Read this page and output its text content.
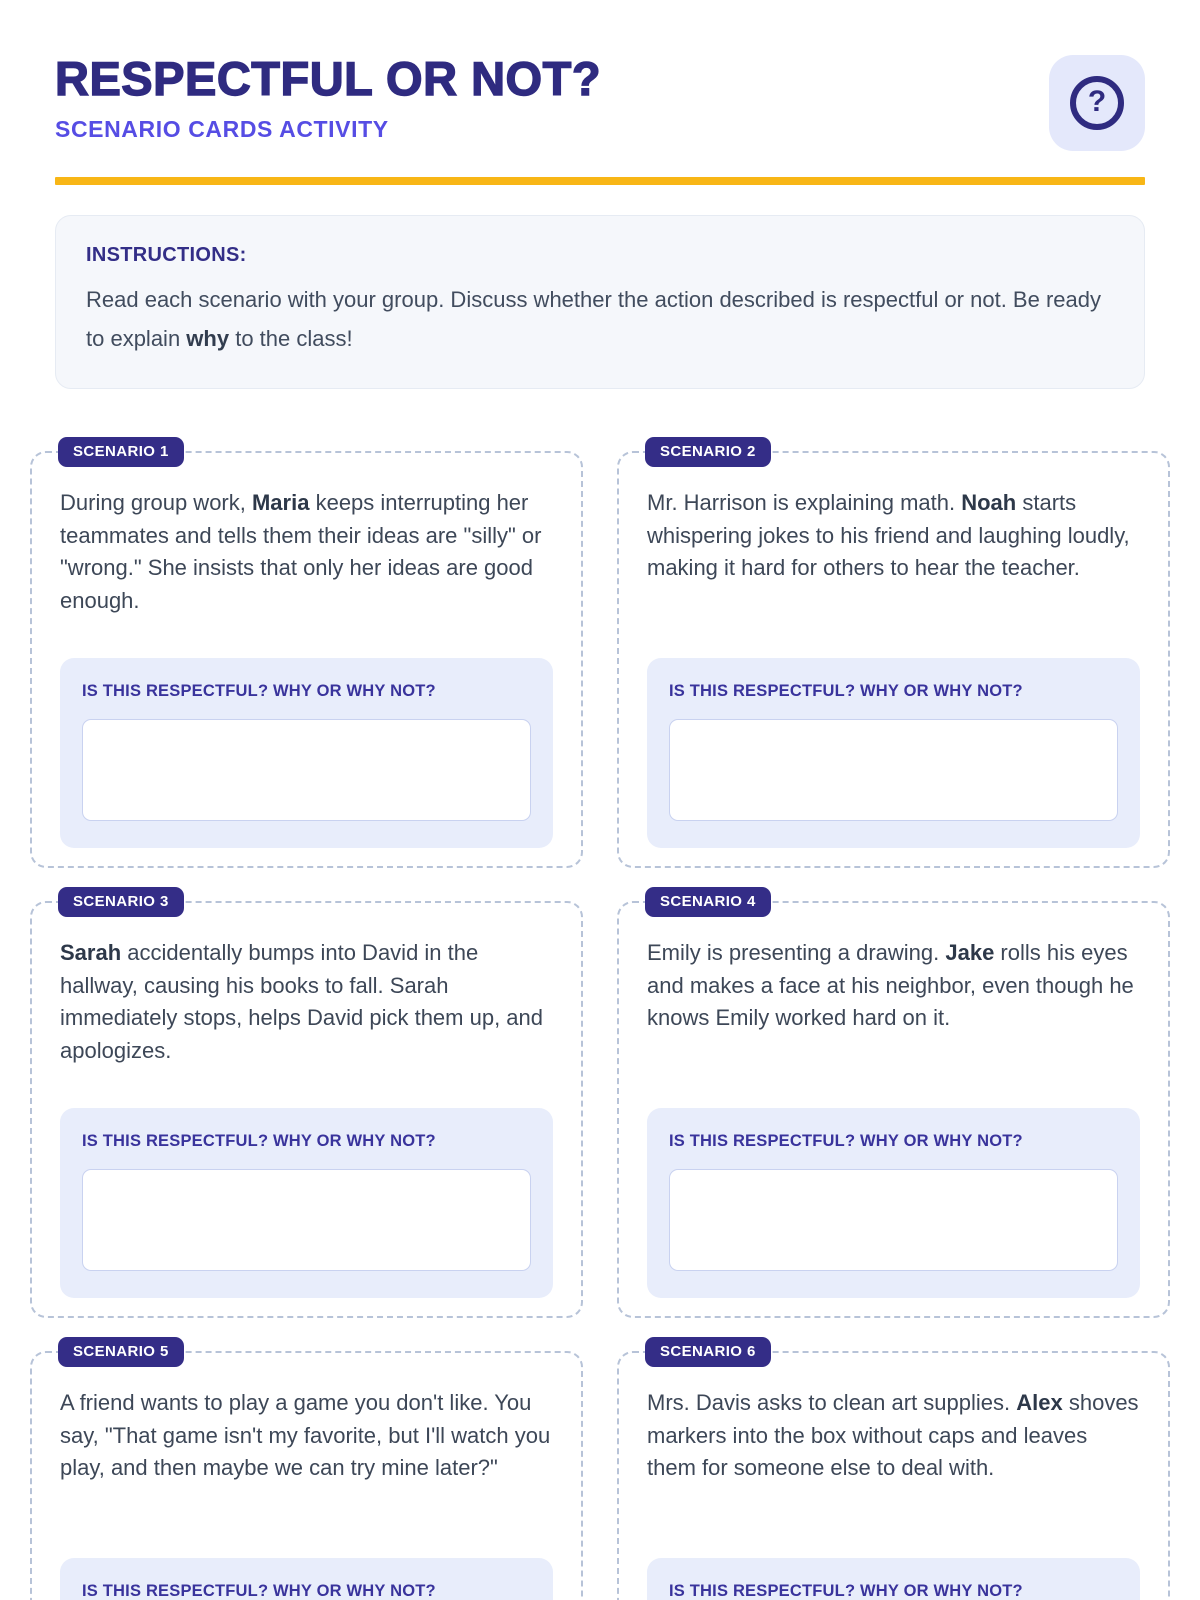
RESPECTFUL OR NOT?
SCENARIO CARDS ACTIVITY
?
INSTRUCTIONS:

Read each scenario with your group. Discuss whether the action described is respectful or not. Be ready to explain why to the class!

SCENARIO 1

During group work, Maria keeps interrupting her teammates and tells them their ideas are "silly" or "wrong." She insists that only her ideas are good enough.

IS THIS RESPECTFUL? WHY OR WHY NOT?
SCENARIO 2

Mr. Harrison is explaining math. Noah starts whispering jokes to his friend and laughing loudly, making it hard for others to hear the teacher.

IS THIS RESPECTFUL? WHY OR WHY NOT?
SCENARIO 3

Sarah accidentally bumps into David in the hallway, causing his books to fall. Sarah immediately stops, helps David pick them up, and apologizes.

IS THIS RESPECTFUL? WHY OR WHY NOT?
SCENARIO 4

Emily is presenting a drawing. Jake rolls his eyes and makes a face at his neighbor, even though he knows Emily worked hard on it.

IS THIS RESPECTFUL? WHY OR WHY NOT?
SCENARIO 5

A friend wants to play a game you don't like. You say, "That game isn't my favorite, but I'll watch you play, and then maybe we can try mine later?"

IS THIS RESPECTFUL? WHY OR WHY NOT?
SCENARIO 6

Mrs. Davis asks to clean art supplies. Alex shoves markers into the box without caps and leaves them for someone else to deal with.

IS THIS RESPECTFUL? WHY OR WHY NOT?
